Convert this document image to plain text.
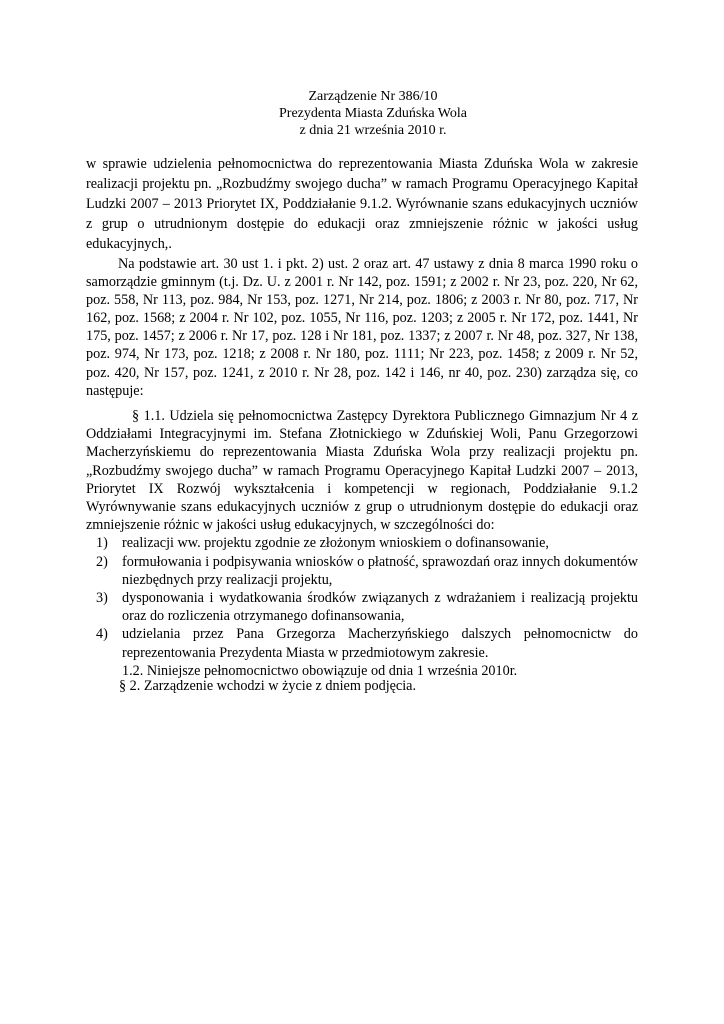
Zarządzenie Nr 386/10
Prezydenta Miasta Zduńska Wola
z dnia 21 września 2010 r.
w sprawie udzielenia pełnomocnictwa do reprezentowania Miasta Zduńska Wola w zakresie realizacji projektu pn. „Rozbudźmy swojego ducha” w ramach Programu Operacyjnego Kapitał Ludzki 2007 – 2013 Priorytet IX, Poddziałanie 9.1.2. Wyrównanie szans edukacyjnych uczniów z grup o utrudnionym dostępie do edukacji oraz zmniejszenie różnic w jakości usług edukacyjnych,.
Na podstawie art. 30 ust 1. i pkt. 2) ust. 2 oraz art. 47 ustawy z dnia 8 marca 1990 roku o samorządzie gminnym (t.j. Dz. U. z 2001 r. Nr 142, poz. 1591; z 2002 r. Nr 23, poz. 220, Nr 62, poz. 558, Nr 113, poz. 984, Nr 153, poz. 1271, Nr 214, poz. 1806; z 2003 r. Nr 80, poz. 717, Nr 162, poz. 1568; z 2004 r. Nr 102, poz. 1055, Nr 116, poz. 1203; z 2005 r. Nr 172, poz. 1441, Nr 175, poz. 1457; z 2006 r. Nr 17, poz. 128 i Nr 181, poz. 1337; z 2007 r. Nr 48, poz. 327, Nr 138, poz. 974, Nr 173, poz. 1218; z 2008 r. Nr 180, poz. 1111; Nr 223, poz. 1458; z 2009 r. Nr 52, poz. 420, Nr 157, poz. 1241, z 2010 r. Nr 28, poz. 142 i 146, nr 40, poz. 230) zarządza się, co następuje:
§ 1.1. Udziela się pełnomocnictwa Zastępcy Dyrektora Publicznego Gimnazjum Nr 4 z Oddziałami Integracyjnymi im. Stefana Złotnickiego w Zduńskiej Woli, Panu Grzegorzowi Macherzyńskiemu do reprezentowania Miasta Zduńska Wola przy realizacji projektu pn. „Rozbudźmy swojego ducha” w ramach Programu Operacyjnego Kapitał Ludzki 2007 – 2013, Priorytet IX Rozwój wykształcenia i kompetencji w regionach, Poddziałanie 9.1.2 Wyrównywanie szans edukacyjnych uczniów z grup o utrudnionym dostępie do edukacji oraz zmniejszenie różnic w jakości usług edukacyjnych, w szczególności do:
1) realizacji ww. projektu zgodnie ze złożonym wnioskiem o dofinansowanie,
2) formułowania i podpisywania wniosków o płatność, sprawozdań oraz innych dokumentów niezbędnych przy realizacji projektu,
3) dysponowania i wydatkowania środków związanych z wdrażaniem i realizacją projektu oraz do rozliczenia otrzymanego dofinansowania,
4) udzielania przez Pana Grzegorza Macherzyńskiego dalszych pełnomocnictw do reprezentowania Prezydenta Miasta w przedmiotowym zakresie.
1.2. Niniejsze pełnomocnictwo obowiązuje od dnia 1 września 2010r.
§ 2. Zarządzenie wchodzi w życie z dniem podjęcia.
